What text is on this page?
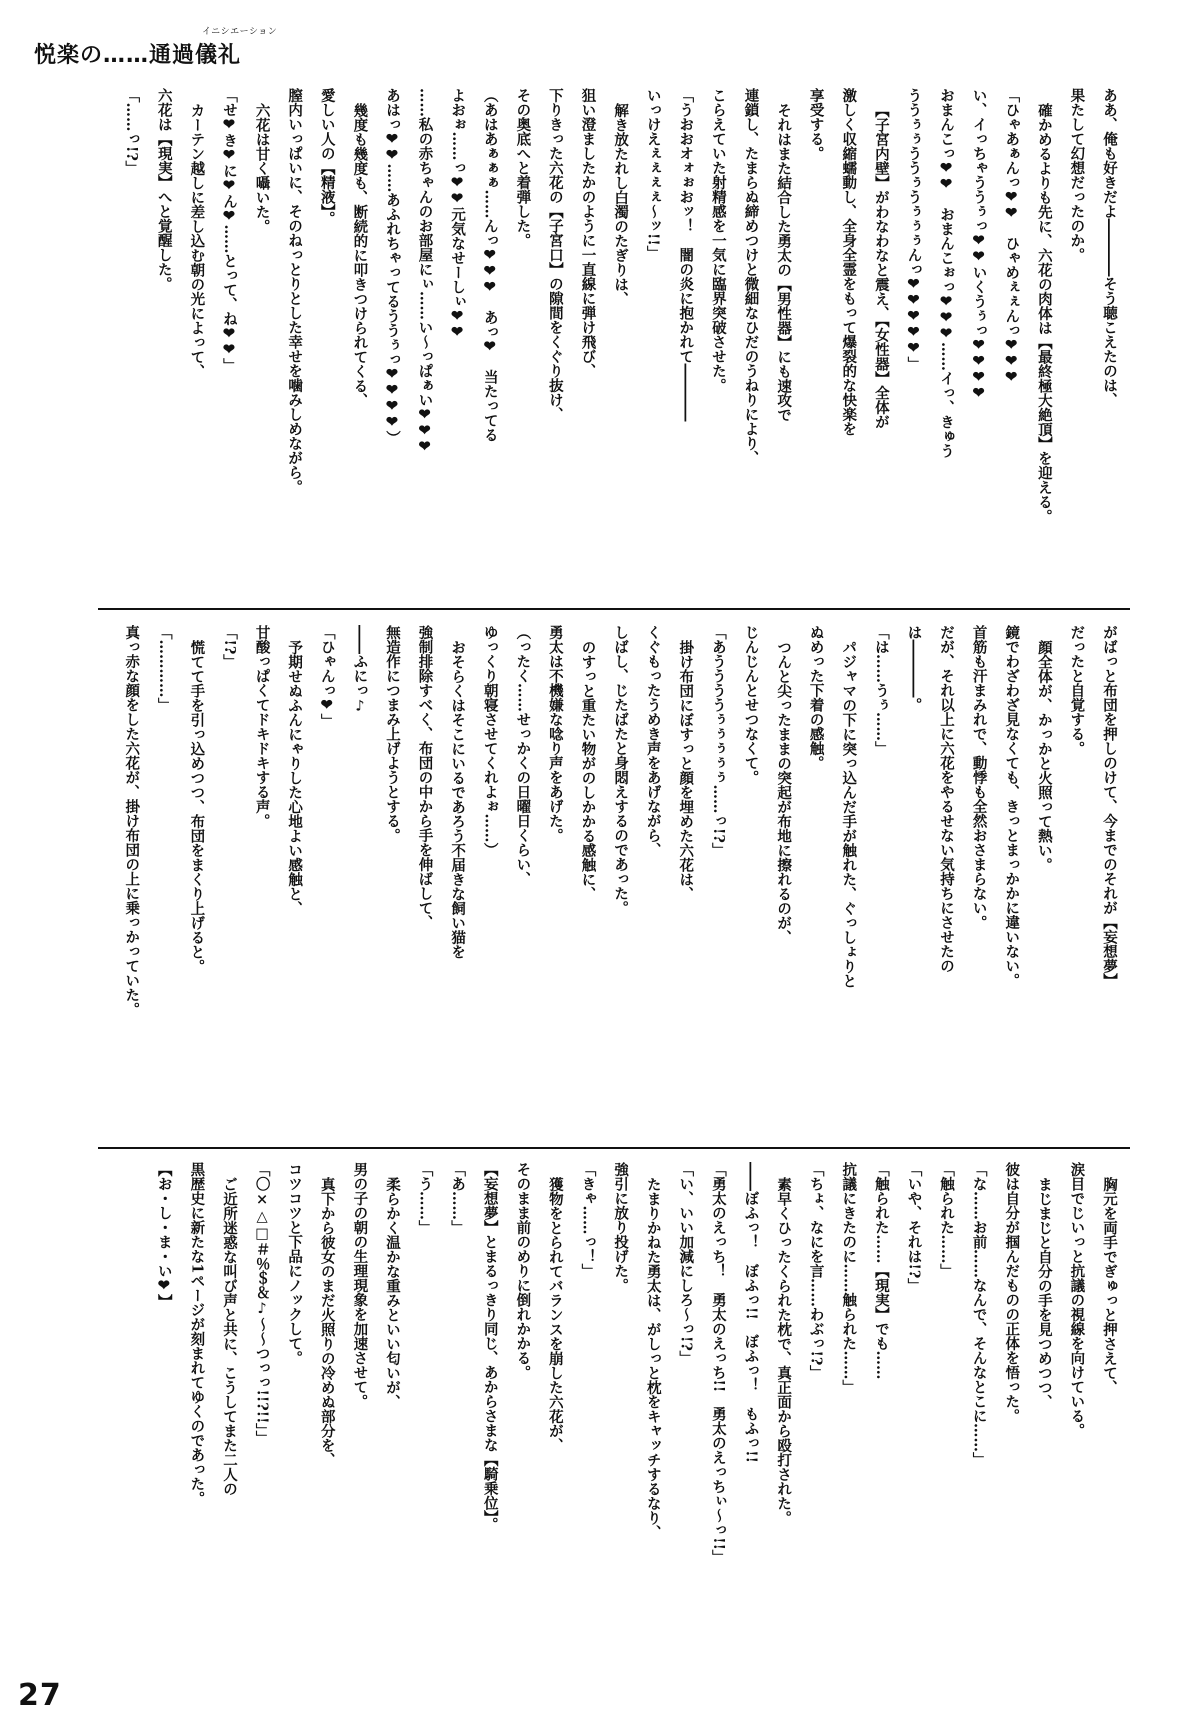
悦楽の……通過儀礼
イニシエーション

ああ、俺も好きだよ――――そう聴こえたのは、

果たして幻想だったのか。

確かめるよりも先に、六花の肉体は【最終極大絶頂】を迎える。

「ひゃあぁんっ❤❤　ひゃめぇぇんっ❤❤❤

い、イっちゃううぅっ❤❤いくうぅっ❤❤❤❤

おまんこっ❤❤　おまんこぉっ❤❤❤……イっ、きゅう

ううぅぅううぅうぅぅぅんっ❤❤❤❤❤」

【子宮内壁】がわなわなと震え、【女性器】全体が

激しく収縮蠕動し、全身全霊をもって爆裂的な快楽を

享受する。

それはまた結合した勇太の【男性器】にも速攻で

連鎖し、たまらぬ締めつけと微細なひだのうねりにより、

こらえていた射精感を一気に臨界突破させた。

「うおおオォぉおッ！　闇の炎に抱かれて――――

いっけえぇぇぇぇ～ッ!!」

解き放たれし白濁のたぎりは、

狙い澄ましたかのように一直線に弾け飛び、

下りきった六花の【子宮口】の隙間をくぐり抜け、

その奥底へと着弾した。

（あはあぁぁぁ……んっ❤❤❤　あっ❤　当たってる

よおぉ……っ❤❤元気なせーしぃ❤❤

……私の赤ちゃんのお部屋にぃ……い～っぱぁい❤❤❤

あはっ❤❤……あふれちゃってるううぅっ❤❤❤❤）

幾度も幾度も、断続的に叩きつけられてくる、

愛しい人の【精液】。

膣内いっぱいに、そのねっとりとした幸せを噛みしめながら。

六花は甘く囁いた。

「せ❤き❤に❤ん❤……とって、ね❤❤」

カーテン越しに差し込む朝の光によって、

六花は【現実】へと覚醒した。

「……っ!?」

がばっと布団を押しのけて、今までのそれが【妄想夢】

だったと自覚する。

顔全体が、かっかと火照って熱い。

鏡でわざわざ見なくても、きっとまっかかに違いない。

首筋も汗まみれで、動悸も全然おさまらない。

だが、それ以上に六花をやるせない気持ちにさせたの

は――――。

「は……うぅ……」

パジャマの下に突っ込んだ手が触れた、ぐっしょりと

ぬめった下着の感触。

つんと尖ったままの突起が布地に擦れるのが、

じんじんとせつなくて。

「あううううぅぅぅぅぅ……っ!?」

掛け布団にぼすっと顔を埋めた六花は、

くぐもったうめき声をあげながら、

しばし、じたばたと身悶えするのであった。

のすっと重たい物がのしかかる感触に、

勇太は不機嫌な唸り声をあげた。

（ったく……せっかくの日曜日くらい、

ゆっくり朝寝させてくれよぉ……）

おそらくはそこにいるであろう不届きな飼い猫を

強制排除すべく、布団の中から手を伸ばして、

無造作につまみ上げようとする。

――ふにっ♪

「ひゃんっ❤」

予期せぬふんにゃりした心地よい感触と、

甘酸っぱくてドキドキする声。

「!?」

慌てて手を引っ込めつつ、布団をまくり上げると。

「…………」

真っ赤な顔をした六花が、掛け布団の上に乗っかっていた。

胸元を両手でぎゅっと押さえて、

涙目でじいっと抗議の視線を向けている。

まじまじと自分の手を見つめつつ、

彼は自分が掴んだものの正体を悟った。

「な……お前……なんで、そんなとこに……」

「触られた……」

「いや、それは!?」

「触られた……【現実】でも……

抗議にきたのに……触られた……」

「ちょ、なにを言……わぶっ!?」

素早くひったくられた枕で、真正面から殴打された。

――ぼふっ！　ぼふっ!!　ぼふっ！　もふっ!!

「勇太のえっち！　勇太のえっち!!　勇太のえっちぃ～っ!!」

「い、いい加減にしろ～っ!?」

たまりかねた勇太は、がしっと枕をキャッチするなり、

強引に放り投げた。

「きゃ……っ！」

獲物をとられてバランスを崩した六花が、

そのまま前のめりに倒れかかる。

【妄想夢】とまるっきり同じ、あからさまな【騎乗位】。

「あ……」

「う……」

柔らかく温かな重みといい匂いが、

男の子の朝の生理現象を加速させて。

真下から彼女のまだ火照りの冷めぬ部分を、

コツコツと下品にノックして。

「〇×△□＃％＄＆♪～～つっっ!!?!!」」

ご近所迷惑な叫び声と共に、こうしてまた二人の

黒歴史に新たな1ページが刻まれてゆくのであった。

【お・し・ま・い❤】

27
